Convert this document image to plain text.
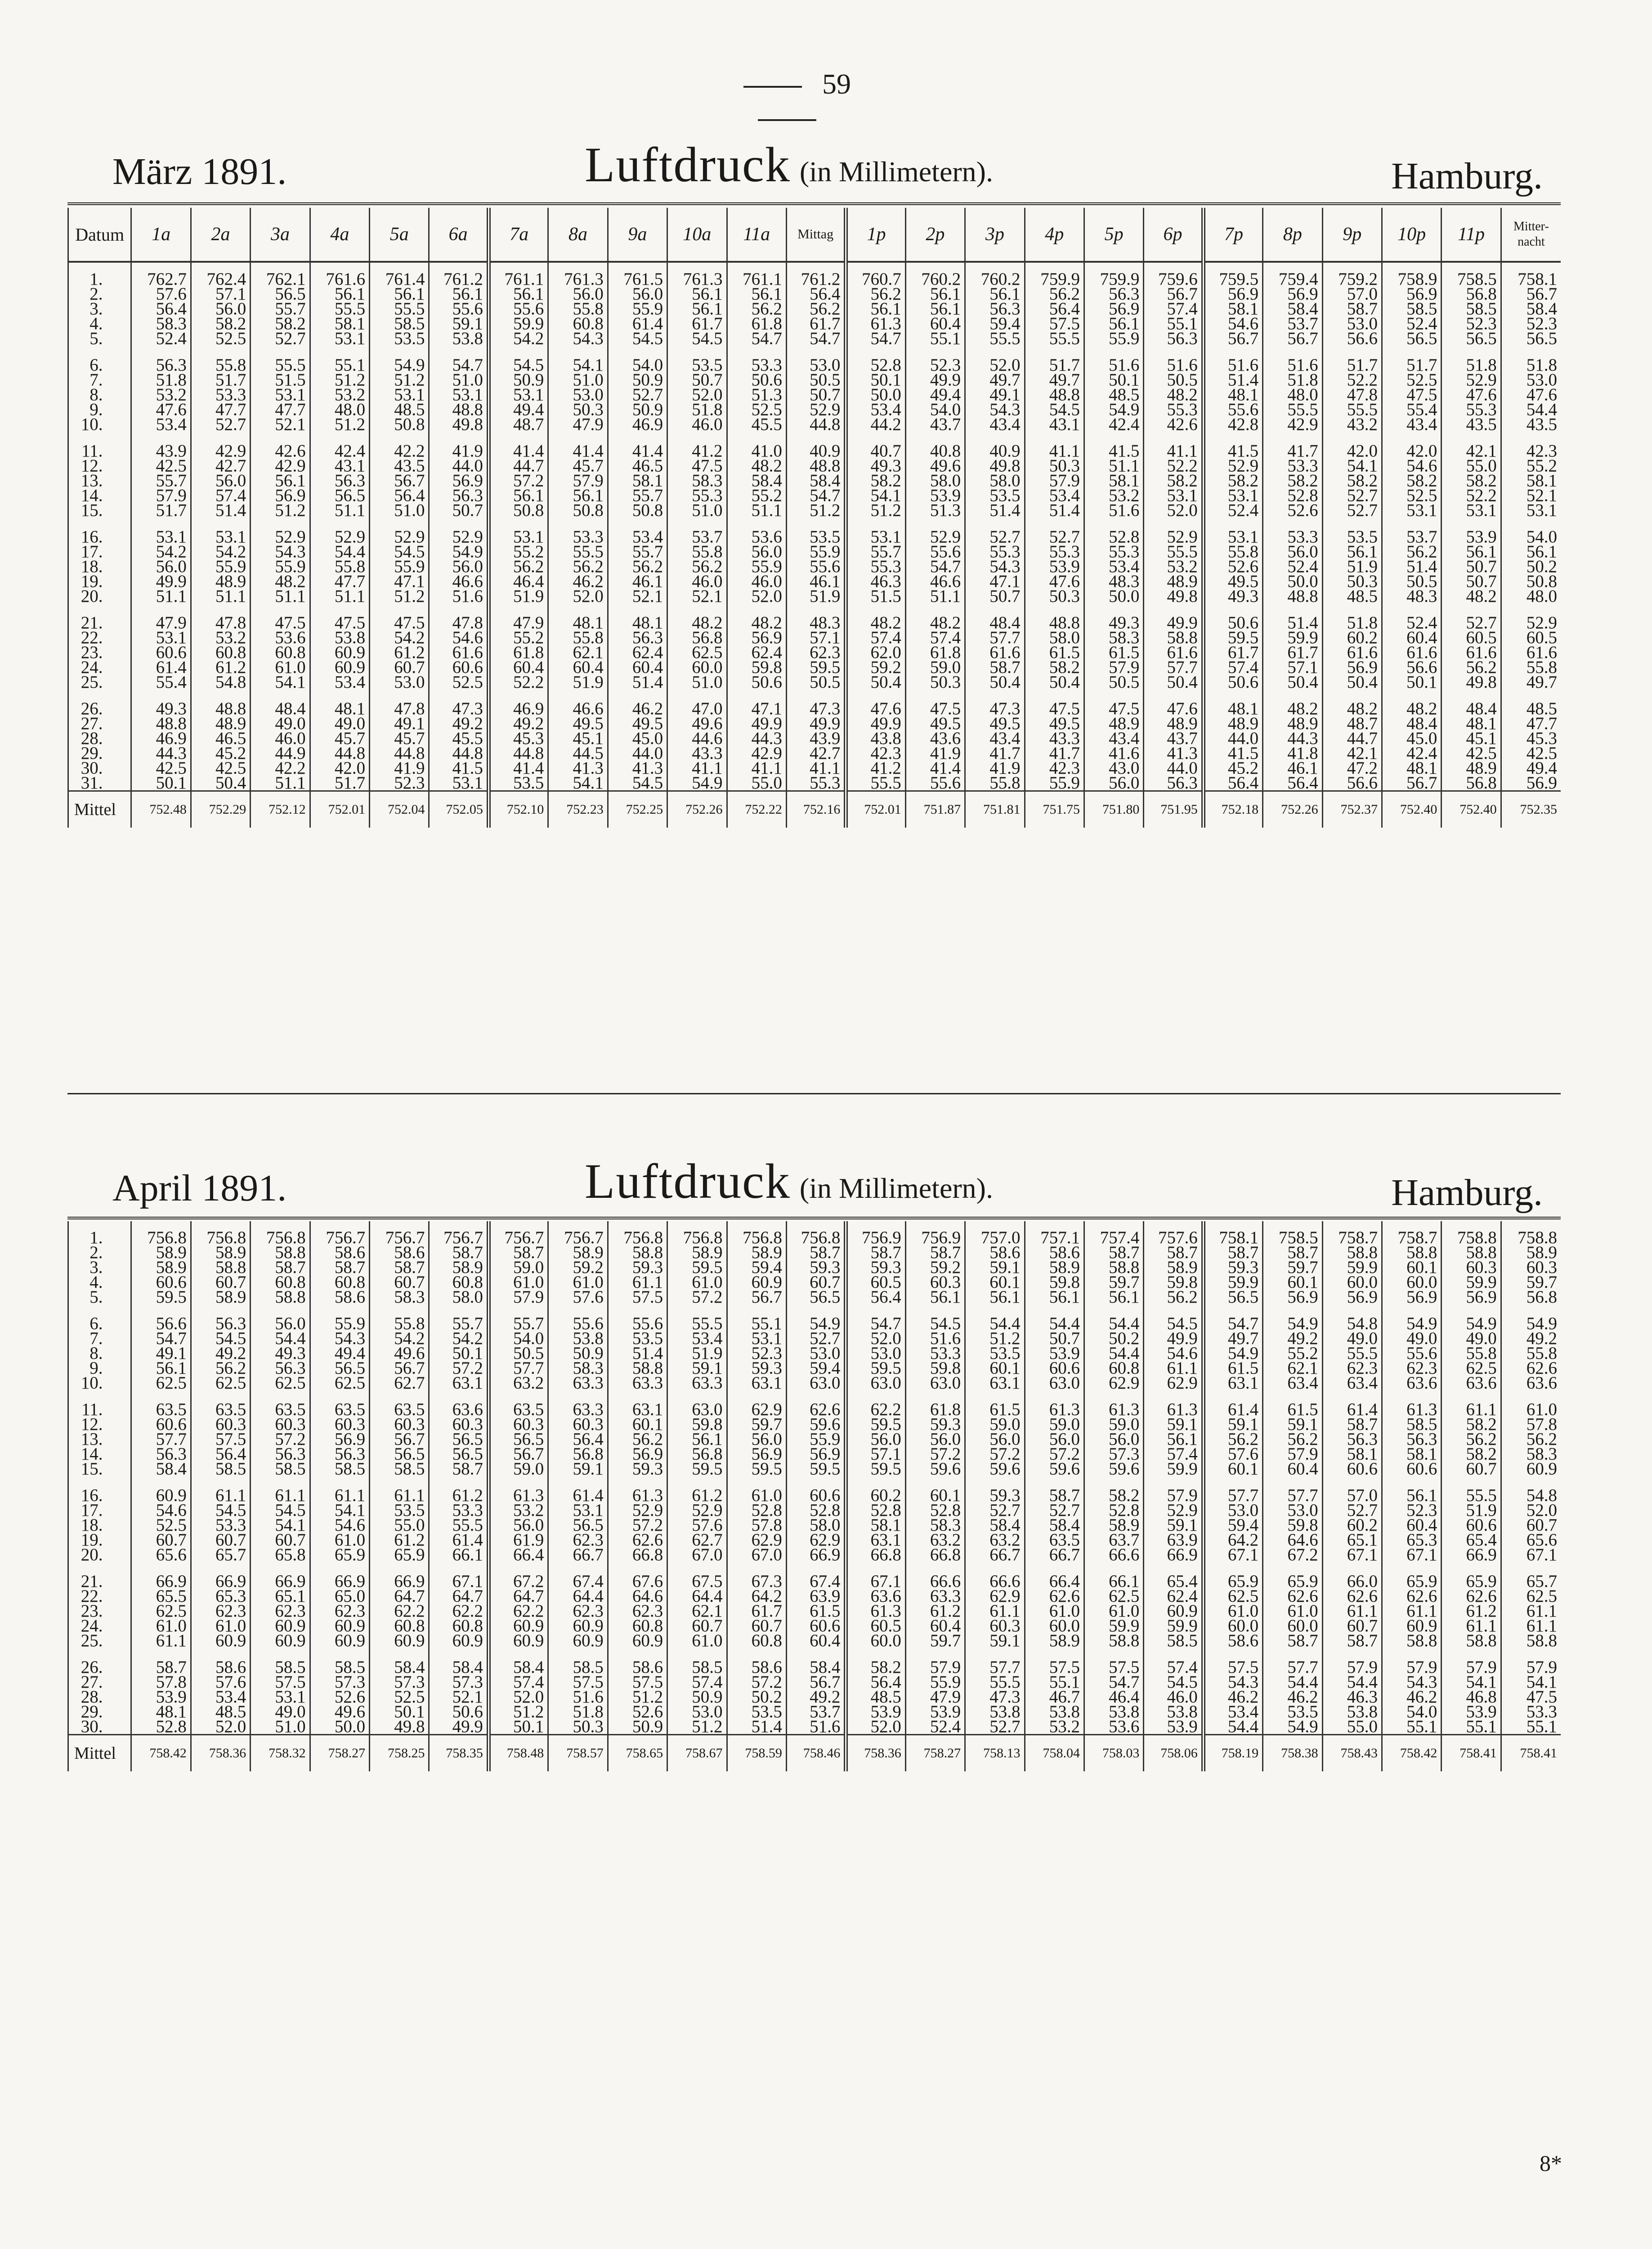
59
März 1891.	Luftdruck (in Millimetern).	Hamburg.
Datum	1a	2a	3a	4a	5a	6a	7a	8a	9a	10a	11a	Mittag	1p	2p	3p	4p	5p	6p	7p	8p	9p	10p	11p	Mitter-nacht
1.	762.7	762.4	762.1	761.6	761.4	761.2	761.1	761.3	761.5	761.3	761.1	761.2	760.7	760.2	760.2	759.9	759.9	759.6	759.5	759.4	759.2	758.9	758.5	758.1
2.	57.6	57.1	56.5	56.1	56.1	56.1	56.1	56.0	56.0	56.1	56.1	56.4	56.2	56.1	56.1	56.2	56.3	56.7	56.9	56.9	57.0	56.9	56.8	56.7
3.	56.4	56.0	55.7	55.5	55.5	55.6	55.6	55.8	55.9	56.1	56.2	56.2	56.1	56.1	56.3	56.4	56.9	57.4	58.1	58.4	58.7	58.5	58.5	58.4
4.	58.3	58.2	58.2	58.1	58.5	59.1	59.9	60.8	61.4	61.7	61.8	61.7	61.3	60.4	59.4	57.5	56.1	55.1	54.6	53.7	53.0	52.4	52.3	52.3
5.	52.4	52.5	52.7	53.1	53.5	53.8	54.2	54.3	54.5	54.5	54.7	54.7	54.7	55.1	55.5	55.5	55.9	56.3	56.7	56.7	56.6	56.5	56.5	56.5

6.	56.3	55.8	55.5	55.1	54.9	54.7	54.5	54.1	54.0	53.5	53.3	53.0	52.8	52.3	52.0	51.7	51.6	51.6	51.6	51.6	51.7	51.7	51.8	51.8
7.	51.8	51.7	51.5	51.2	51.2	51.0	50.9	51.0	50.9	50.7	50.6	50.5	50.1	49.9	49.7	49.7	50.1	50.5	51.4	51.8	52.2	52.5	52.9	53.0
8.	53.2	53.3	53.1	53.2	53.1	53.1	53.1	53.0	52.7	52.0	51.3	50.7	50.0	49.4	49.1	48.8	48.5	48.2	48.1	48.0	47.8	47.5	47.6	47.6
9.	47.6	47.7	47.7	48.0	48.5	48.8	49.4	50.3	50.9	51.8	52.5	52.9	53.4	54.0	54.3	54.5	54.9	55.3	55.6	55.5	55.5	55.4	55.3	54.4
10.	53.4	52.7	52.1	51.2	50.8	49.8	48.7	47.9	46.9	46.0	45.5	44.8	44.2	43.7	43.4	43.1	42.4	42.6	42.8	42.9	43.2	43.4	43.5	43.5

11.	43.9	42.9	42.6	42.4	42.2	41.9	41.4	41.4	41.4	41.2	41.0	40.9	40.7	40.8	40.9	41.1	41.5	41.1	41.5	41.7	42.0	42.0	42.1	42.3
12.	42.5	42.7	42.9	43.1	43.5	44.0	44.7	45.7	46.5	47.5	48.2	48.8	49.3	49.6	49.8	50.3	51.1	52.2	52.9	53.3	54.1	54.6	55.0	55.2
13.	55.7	56.0	56.1	56.3	56.7	56.9	57.2	57.9	58.1	58.3	58.4	58.4	58.2	58.0	58.0	57.9	58.1	58.2	58.2	58.2	58.2	58.2	58.2	58.1
14.	57.9	57.4	56.9	56.5	56.4	56.3	56.1	56.1	55.7	55.3	55.2	54.7	54.1	53.9	53.5	53.4	53.2	53.1	53.1	52.8	52.7	52.5	52.2	52.1
15.	51.7	51.4	51.2	51.1	51.0	50.7	50.8	50.8	50.8	51.0	51.1	51.2	51.2	51.3	51.4	51.4	51.6	52.0	52.4	52.6	52.7	53.1	53.1	53.1

16.	53.1	53.1	52.9	52.9	52.9	52.9	53.1	53.3	53.4	53.7	53.6	53.5	53.1	52.9	52.7	52.7	52.8	52.9	53.1	53.3	53.5	53.7	53.9	54.0
17.	54.2	54.2	54.3	54.4	54.5	54.9	55.2	55.5	55.7	55.8	56.0	55.9	55.7	55.6	55.3	55.3	55.3	55.5	55.8	56.0	56.1	56.2	56.1	56.1
18.	56.0	55.9	55.9	55.8	55.9	56.0	56.2	56.2	56.2	56.2	55.9	55.6	55.3	54.7	54.3	53.9	53.4	53.2	52.6	52.4	51.9	51.4	50.7	50.2
19.	49.9	48.9	48.2	47.7	47.1	46.6	46.4	46.2	46.1	46.0	46.0	46.1	46.3	46.6	47.1	47.6	48.3	48.9	49.5	50.0	50.3	50.5	50.7	50.8
20.	51.1	51.1	51.1	51.1	51.2	51.6	51.9	52.0	52.1	52.1	52.0	51.9	51.5	51.1	50.7	50.3	50.0	49.8	49.3	48.8	48.5	48.3	48.2	48.0

21.	47.9	47.8	47.5	47.5	47.5	47.8	47.9	48.1	48.1	48.2	48.2	48.3	48.2	48.2	48.4	48.8	49.3	49.9	50.6	51.4	51.8	52.4	52.7	52.9
22.	53.1	53.2	53.6	53.8	54.2	54.6	55.2	55.8	56.3	56.8	56.9	57.1	57.4	57.4	57.7	58.0	58.3	58.8	59.5	59.9	60.2	60.4	60.5	60.5
23.	60.6	60.8	60.8	60.9	61.2	61.6	61.8	62.1	62.4	62.5	62.4	62.3	62.0	61.8	61.6	61.5	61.5	61.6	61.7	61.7	61.6	61.6	61.6	61.6
24.	61.4	61.2	61.0	60.9	60.7	60.6	60.4	60.4	60.4	60.0	59.8	59.5	59.2	59.0	58.7	58.2	57.9	57.7	57.4	57.1	56.9	56.6	56.2	55.8
25.	55.4	54.8	54.1	53.4	53.0	52.5	52.2	51.9	51.4	51.0	50.6	50.5	50.4	50.3	50.4	50.4	50.5	50.4	50.6	50.4	50.4	50.1	49.8	49.7

26.	49.3	48.8	48.4	48.1	47.8	47.3	46.9	46.6	46.2	47.0	47.1	47.3	47.6	47.5	47.3	47.5	47.5	47.6	48.1	48.2	48.2	48.2	48.4	48.5
27.	48.8	48.9	49.0	49.0	49.1	49.2	49.2	49.5	49.5	49.6	49.9	49.9	49.9	49.5	49.5	49.5	48.9	48.9	48.9	48.9	48.7	48.4	48.1	47.7
28.	46.9	46.5	46.0	45.7	45.7	45.5	45.3	45.1	45.0	44.6	44.3	43.9	43.8	43.6	43.4	43.3	43.4	43.7	44.0	44.3	44.7	45.0	45.1	45.3
29.	44.3	45.2	44.9	44.8	44.8	44.8	44.8	44.5	44.0	43.3	42.9	42.7	42.3	41.9	41.7	41.7	41.6	41.3	41.5	41.8	42.1	42.4	42.5	42.5
30.	42.5	42.5	42.2	42.0	41.9	41.5	41.4	41.3	41.3	41.1	41.1	41.1	41.2	41.4	41.9	42.3	43.0	44.0	45.2	46.1	47.2	48.1	48.9	49.4
31.	50.1	50.4	51.1	51.7	52.3	53.1	53.5	54.1	54.5	54.9	55.0	55.3	55.5	55.6	55.8	55.9	56.0	56.3	56.4	56.4	56.6	56.7	56.8	56.9
Mittel	752.48	752.29	752.12	752.01	752.04	752.05	752.10	752.23	752.25	752.26	752.22	752.16	752.01	751.87	751.81	751.75	751.80	751.95	752.18	752.26	752.37	752.40	752.40	752.35
April 1891.	Luftdruck (in Millimetern).	Hamburg.
1.	756.8	756.8	756.8	756.7	756.7	756.7	756.7	756.7	756.8	756.8	756.8	756.8	756.9	756.9	757.0	757.1	757.4	757.6	758.1	758.5	758.7	758.7	758.8	758.8
2.	58.9	58.9	58.8	58.6	58.6	58.7	58.7	58.9	58.8	58.9	58.9	58.7	58.7	58.7	58.6	58.6	58.7	58.7	58.7	58.7	58.8	58.8	58.8	58.9
3.	58.9	58.8	58.7	58.7	58.7	58.9	59.0	59.2	59.3	59.5	59.4	59.3	59.3	59.2	59.1	58.9	58.8	58.9	59.3	59.7	59.9	60.1	60.3	60.3
4.	60.6	60.7	60.8	60.8	60.7	60.8	61.0	61.0	61.1	61.0	60.9	60.7	60.5	60.3	60.1	59.8	59.7	59.8	59.9	60.1	60.0	60.0	59.9	59.7
5.	59.5	58.9	58.8	58.6	58.3	58.0	57.9	57.6	57.5	57.2	56.7	56.5	56.4	56.1	56.1	56.1	56.1	56.2	56.5	56.9	56.9	56.9	56.9	56.8

6.	56.6	56.3	56.0	55.9	55.8	55.7	55.7	55.6	55.6	55.5	55.1	54.9	54.7	54.5	54.4	54.4	54.4	54.5	54.7	54.9	54.8	54.9	54.9	54.9
7.	54.7	54.5	54.4	54.3	54.2	54.2	54.0	53.8	53.5	53.4	53.1	52.7	52.0	51.6	51.2	50.7	50.2	49.9	49.7	49.2	49.0	49.0	49.0	49.2
8.	49.1	49.2	49.3	49.4	49.6	50.1	50.5	50.9	51.4	51.9	52.3	53.0	53.0	53.3	53.5	53.9	54.4	54.6	54.9	55.2	55.5	55.6	55.8	55.8
9.	56.1	56.2	56.3	56.5	56.7	57.2	57.7	58.3	58.8	59.1	59.3	59.4	59.5	59.8	60.1	60.6	60.8	61.1	61.5	62.1	62.3	62.3	62.5	62.6
10.	62.5	62.5	62.5	62.5	62.7	63.1	63.2	63.3	63.3	63.3	63.1	63.0	63.0	63.0	63.1	63.0	62.9	62.9	63.1	63.4	63.4	63.6	63.6	63.6

11.	63.5	63.5	63.5	63.5	63.5	63.6	63.5	63.3	63.1	63.0	62.9	62.6	62.2	61.8	61.5	61.3	61.3	61.3	61.4	61.5	61.4	61.3	61.1	61.0
12.	60.6	60.3	60.3	60.3	60.3	60.3	60.3	60.3	60.1	59.8	59.7	59.6	59.5	59.3	59.0	59.0	59.0	59.1	59.1	59.1	58.7	58.5	58.2	57.8
13.	57.7	57.5	57.2	56.9	56.7	56.5	56.5	56.4	56.2	56.1	56.0	55.9	56.0	56.0	56.0	56.0	56.0	56.1	56.2	56.2	56.3	56.3	56.2	56.2
14.	56.3	56.4	56.3	56.3	56.5	56.5	56.7	56.8	56.9	56.8	56.9	56.9	57.1	57.2	57.2	57.2	57.3	57.4	57.6	57.9	58.1	58.1	58.2	58.3
15.	58.4	58.5	58.5	58.5	58.5	58.7	59.0	59.1	59.3	59.5	59.5	59.5	59.5	59.6	59.6	59.6	59.6	59.9	60.1	60.4	60.6	60.6	60.7	60.9

16.	60.9	61.1	61.1	61.1	61.1	61.2	61.3	61.4	61.3	61.2	61.0	60.6	60.2	60.1	59.3	58.7	58.2	57.9	57.7	57.7	57.0	56.1	55.5	54.8
17.	54.6	54.5	54.5	54.1	53.5	53.3	53.2	53.1	52.9	52.9	52.8	52.8	52.8	52.8	52.7	52.7	52.8	52.9	53.0	53.0	52.7	52.3	51.9	52.0
18.	52.5	53.3	54.1	54.6	55.0	55.5	56.0	56.5	57.2	57.6	57.8	58.0	58.1	58.3	58.4	58.4	58.9	59.1	59.4	59.8	60.2	60.4	60.6	60.7
19.	60.7	60.7	60.7	61.0	61.2	61.4	61.9	62.3	62.6	62.7	62.9	62.9	63.1	63.2	63.2	63.5	63.7	63.9	64.2	64.6	65.1	65.3	65.4	65.6
20.	65.6	65.7	65.8	65.9	65.9	66.1	66.4	66.7	66.8	67.0	67.0	66.9	66.8	66.8	66.7	66.7	66.6	66.9	67.1	67.2	67.1	67.1	66.9	67.1

21.	66.9	66.9	66.9	66.9	66.9	67.1	67.2	67.4	67.6	67.5	67.3	67.4	67.1	66.6	66.6	66.4	66.1	65.4	65.9	65.9	66.0	65.9	65.9	65.7
22.	65.5	65.3	65.1	65.0	64.7	64.7	64.7	64.4	64.6	64.4	64.2	63.9	63.6	63.3	62.9	62.6	62.5	62.4	62.5	62.6	62.6	62.6	62.6	62.5
23.	62.5	62.3	62.3	62.3	62.2	62.2	62.2	62.3	62.3	62.1	61.7	61.5	61.3	61.2	61.1	61.0	61.0	60.9	61.0	61.0	61.1	61.1	61.2	61.1
24.	61.0	61.0	60.9	60.9	60.8	60.8	60.9	60.9	60.8	60.7	60.7	60.6	60.5	60.4	60.3	60.0	59.9	59.9	60.0	60.0	60.7	60.9	61.1	61.1
25.	61.1	60.9	60.9	60.9	60.9	60.9	60.9	60.9	60.9	61.0	60.8	60.4	60.0	59.7	59.1	58.9	58.8	58.5	58.6	58.7	58.7	58.8	58.8	58.8

26.	58.7	58.6	58.5	58.5	58.4	58.4	58.4	58.5	58.6	58.5	58.6	58.4	58.2	57.9	57.7	57.5	57.5	57.4	57.5	57.7	57.9	57.9	57.9	57.9
27.	57.8	57.6	57.5	57.3	57.3	57.3	57.4	57.5	57.5	57.4	57.2	56.7	56.4	55.9	55.5	55.1	54.7	54.5	54.3	54.4	54.4	54.3	54.1	54.1
28.	53.9	53.4	53.1	52.6	52.5	52.1	52.0	51.6	51.2	50.9	50.2	49.2	48.5	47.9	47.3	46.7	46.4	46.0	46.2	46.2	46.3	46.2	46.8	47.5
29.	48.1	48.5	49.0	49.6	50.1	50.6	51.2	51.8	52.6	53.0	53.5	53.7	53.9	53.9	53.8	53.8	53.8	53.8	53.4	53.5	53.8	54.0	53.9	53.3
30.	52.8	52.0	51.0	50.0	49.8	49.9	50.1	50.3	50.9	51.2	51.4	51.6	52.0	52.4	52.7	53.2	53.6	53.9	54.4	54.9	55.0	55.1	55.1	55.1
Mittel	758.42	758.36	758.32	758.27	758.25	758.35	758.48	758.57	758.65	758.67	758.59	758.46	758.36	758.27	758.13	758.04	758.03	758.06	758.19	758.38	758.43	758.42	758.41	758.41
8*
